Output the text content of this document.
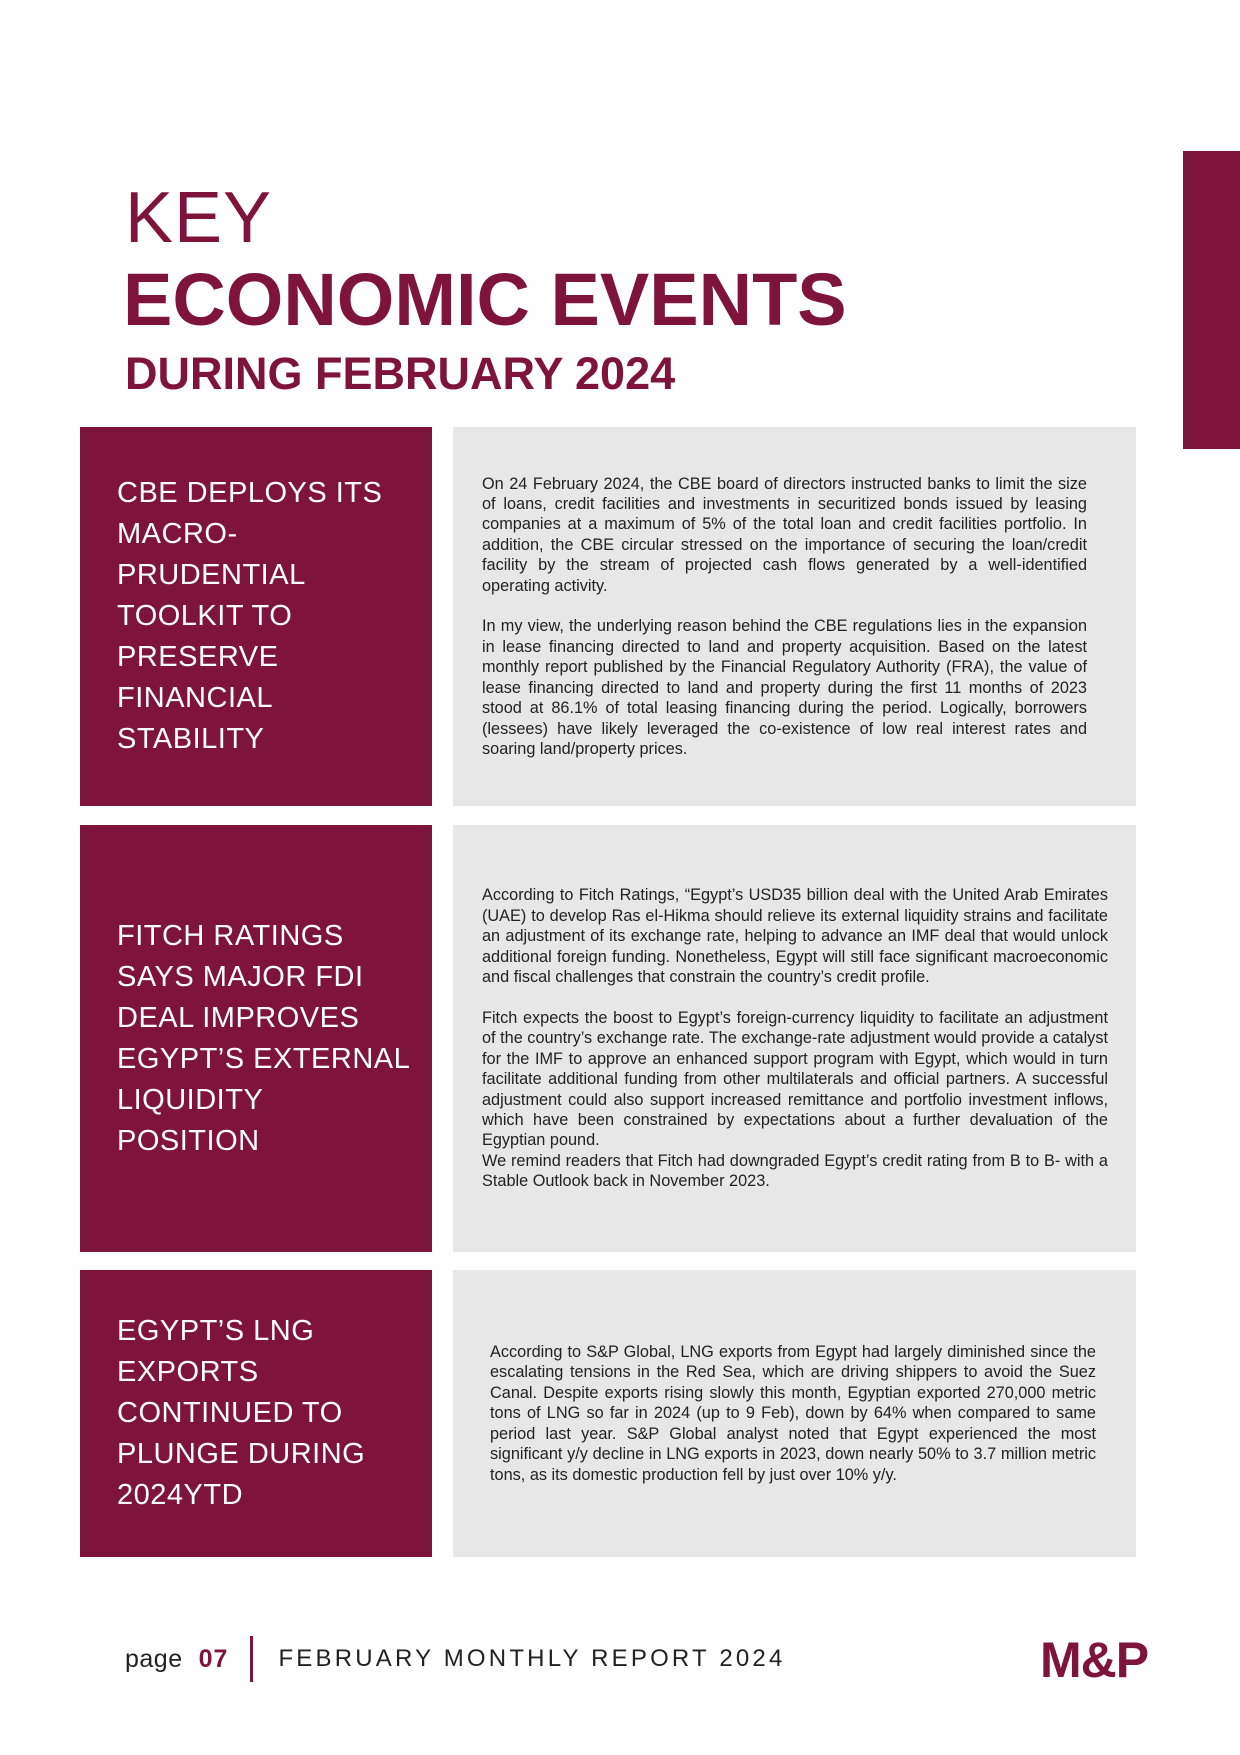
KEY
ECONOMIC EVENTS
DURING FEBRUARY 2024
CBE DEPLOYS ITS MACRO-PRUDENTIAL TOOLKIT TO PRESERVE FINANCIAL STABILITY

On 24 February 2024, the CBE board of directors instructed banks to limit the size of loans, credit facilities and investments in securitized bonds issued by leasing companies at a maximum of 5% of the total loan and credit facilities portfolio. In addition, the CBE circular stressed on the importance of securing the loan/credit facility by the stream of projected cash flows generated by a well-identified operating activity.

In my view, the underlying reason behind the CBE regulations lies in the expansion in lease financing directed to land and property acquisition. Based on the latest monthly report published by the Financial Regulatory Authority (FRA), the value of lease financing directed to land and property during the first 11 months of 2023 stood at 86.1% of total leasing financing during the period. Logically, borrowers (lessees) have likely leveraged the co-existence of low real interest rates and soaring land/property prices.

FITCH RATINGS SAYS MAJOR FDI DEAL IMPROVES EGYPT’S EXTERNAL LIQUIDITY POSITION

According to Fitch Ratings, “Egypt’s USD35 billion deal with the United Arab Emirates (UAE) to develop Ras el-Hikma should relieve its external liquidity strains and facilitate an adjustment of its exchange rate, helping to advance an IMF deal that would unlock additional foreign funding. Nonetheless, Egypt will still face significant macroeconomic and fiscal challenges that constrain the country’s credit profile.

Fitch expects the boost to Egypt’s foreign-currency liquidity to facilitate an adjustment of the country’s exchange rate. The exchange-rate adjustment would provide a catalyst for the IMF to approve an enhanced support program with Egypt, which would in turn facilitate additional funding from other multilaterals and official partners. A successful adjustment could also support increased remittance and portfolio investment inflows, which have been constrained by expectations about a further devaluation of the Egyptian pound.

We remind readers that Fitch had downgraded Egypt’s credit rating from B to B- with a Stable Outlook back in November 2023.

EGYPT’S LNG EXPORTS CONTINUED TO PLUNGE DURING 2024YTD

According to S&P Global, LNG exports from Egypt had largely diminished since the escalating tensions in the Red Sea, which are driving shippers to avoid the Suez Canal. Despite exports rising slowly this month, Egyptian exported 270,000 metric tons of LNG so far in 2024 (up to 9 Feb), down by 64% when compared to same period last year. S&P Global analyst noted that Egypt experienced the most significant y/y decline in LNG exports in 2023, down nearly 50% to 3.7 million metric tons, as its domestic production fell by just over 10% y/y.

page 07 FEBRUARY MONTHLY REPORT 2024	M&P
